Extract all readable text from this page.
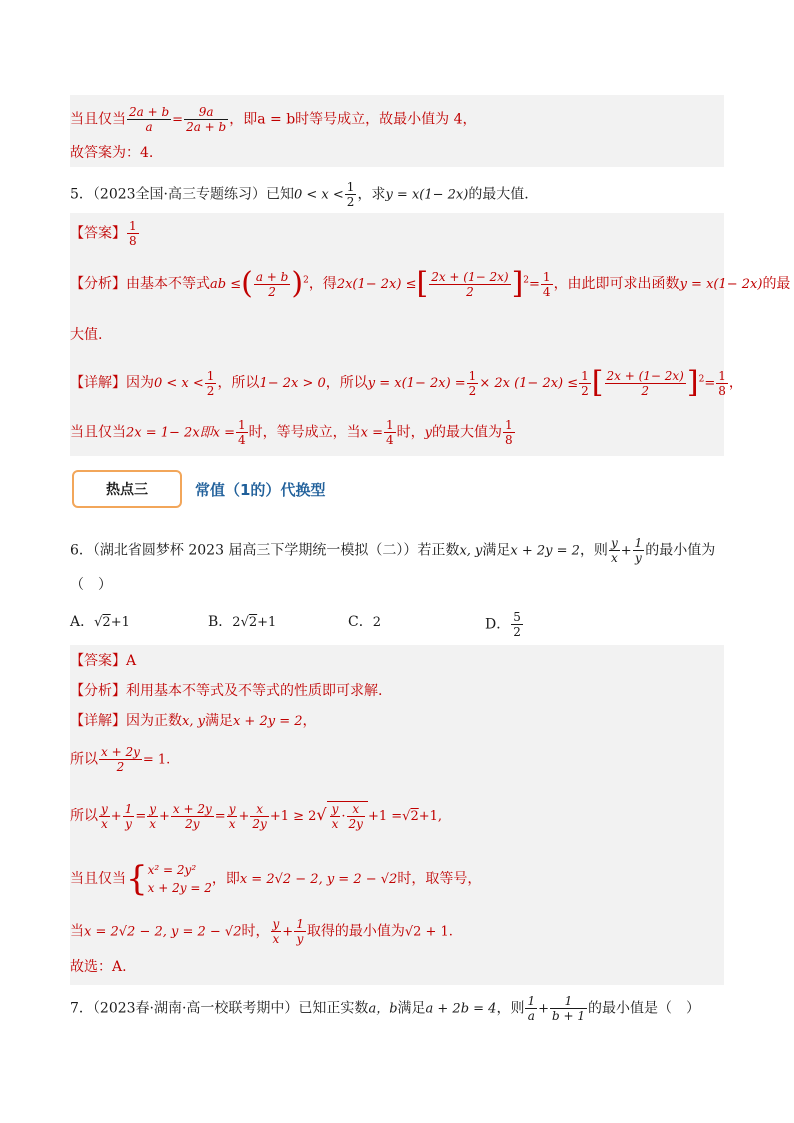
当且仅当 $\frac{2a + b}{a} = \frac{9a}{2a + b}$ ，即a = b时等号成立，故最小值为 4，
故答案为：4.
5．（2023全国·高三专题练习）已知$0 < x < \frac{1}{2}$ ，求y = x(1− 2x)的最大值.
【答案】 $\frac{1}{8}$
【分析】由基本不等式ab ≤( $\frac{a + b}{2} )^2$，得2x(1− 2x) ≤[ $\frac{2x + (1- 2x)}{2} ]^2= \frac{1}{4}$ ，由此即可求出函数y = x(1− 2x)的最
大值.
【详解】因为$0 < x < \frac{1}{2}$ ，所以1− 2x > 0，所以$y = x(1- 2x) = \frac{1}{2} \times 2x$ $(1- 2x) \le \frac{1}{2}$ [ $\frac{2x + (1- 2x)}{2} ]^2= \frac{1}{8}$ ，
当且仅当2x = 1− 2x即$x = \frac{1}{4}$ 时，等号成立，当$x = \frac{1}{4}$ 时，y的最大值为 $\frac{1}{8}$
热点三	常值（1的）代换型
6．（湖北省圆梦杯 2023 届高三下学期统一模拟（二））若正数x, y满足x + 2y = 2，则 $\frac{y}{x} + \frac{1}{y}$ 的最小值为
（　）
A．√2+1	B．2√2+1	C．2	D． $\frac{5}{2}$
【答案】A
【分析】利用基本不等式及不等式的性质即可求解.
【详解】因为正数x, y满足x + 2y = 2，
所以 $\frac{x + 2y}{2} = 1$.
所以 $\frac{y}{x} + \frac{1}{y} = \frac{y}{x} + \frac{x + 2y}{2y} = \frac{y}{x} + \frac{x}{2y} +1 \ge 2√ \frac{y}{x} \cdot \frac{x}{2y} +1 =√2+1$,
当且仅当{ x² = 2y²
x + 2y = 2
，即x = 2√2 − 2, y = 2 − √2时，取等号，
当x = 2√2 − 2, y = 2 − √2时， $\frac{y}{x} + \frac{1}{y}$ 取得的最小值为√2 + 1.
故选：A.
7．（2023春·湖南·高一校联考期中）已知正实数a，b满足a + 2b = 4，则 $\frac{1}{a} + \frac{1}{b + 1}$ 的最小值是（　）
